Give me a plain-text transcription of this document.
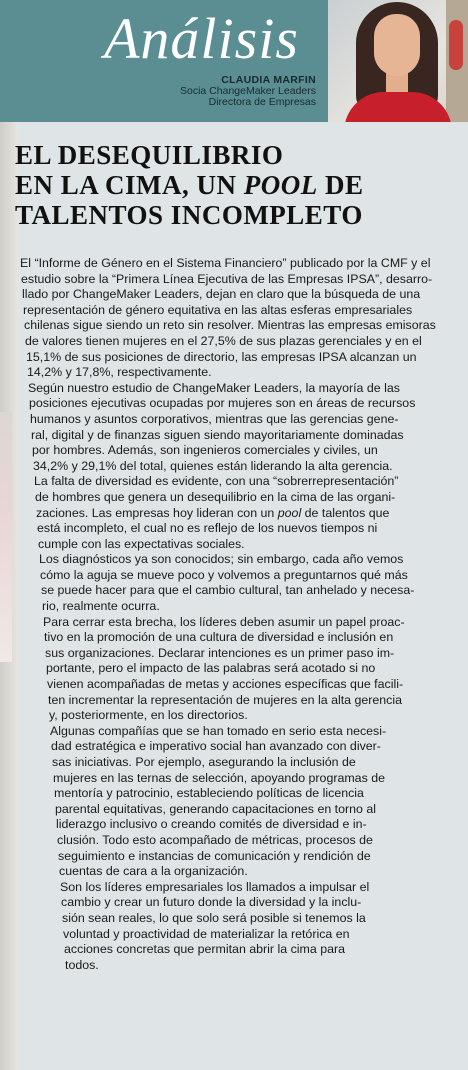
Análisis
CLAUDIA MARFIN
Socia ChangeMaker Leaders
Directora de Empresas
EL DESEQUILIBRIO
EN LA CIMA, UN POOL DE
TALENTOS INCOMPLETO
El “Informe de Género en el Sistema Financiero” publicado por la CMF y el
estudio sobre la “Primera Línea Ejecutiva de las Empresas IPSA”, desarro-
llado por ChangeMaker Leaders, dejan en claro que la búsqueda de una
representación de género equitativa en las altas esferas empresariales
chilenas sigue siendo un reto sin resolver. Mientras las empresas emisoras
de valores tienen mujeres en el 27,5% de sus plazas gerenciales y en el
15,1% de sus posiciones de directorio, las empresas IPSA alcanzan un
14,2% y 17,8%, respectivamente.
Según nuestro estudio de ChangeMaker Leaders, la mayoría de las
posiciones ejecutivas ocupadas por mujeres son en áreas de recursos
humanos y asuntos corporativos, mientras que las gerencias gene-
ral, digital y de finanzas siguen siendo mayoritariamente dominadas
por hombres. Además, son ingenieros comerciales y civiles, un
34,2% y 29,1% del total, quienes están liderando la alta gerencia.
La falta de diversidad es evidente, con una “sobrerrepresentación”
de hombres que genera un desequilibrio en la cima de las organi-
zaciones. Las empresas hoy lideran con un pool de talentos que
está incompleto, el cual no es reflejo de los nuevos tiempos ni
cumple con las expectativas sociales.
Los diagnósticos ya son conocidos; sin embargo, cada año vemos
cómo la aguja se mueve poco y volvemos a preguntarnos qué más
se puede hacer para que el cambio cultural, tan anhelado y necesa-
rio, realmente ocurra.
Para cerrar esta brecha, los líderes deben asumir un papel proac-
tivo en la promoción de una cultura de diversidad e inclusión en
sus organizaciones. Declarar intenciones es un primer paso im-
portante, pero el impacto de las palabras será acotado si no
vienen acompañadas de metas y acciones específicas que facili-
ten incrementar la representación de mujeres en la alta gerencia
y, posteriormente, en los directorios.
Algunas compañías que se han tomado en serio esta necesi-
dad estratégica e imperativo social han avanzado con diver-
sas iniciativas. Por ejemplo, asegurando la inclusión de
mujeres en las ternas de selección, apoyando programas de
mentoría y patrocinio, estableciendo políticas de licencia
parental equitativas, generando capacitaciones en torno al
liderazgo inclusivo o creando comités de diversidad e in-
clusión. Todo esto acompañado de métricas, procesos de
seguimiento e instancias de comunicación y rendición de
cuentas de cara a la organización.
Son los líderes empresariales los llamados a impulsar el
cambio y crear un futuro donde la diversidad y la inclu-
sión sean reales, lo que solo será posible si tenemos la
voluntad y proactividad de materializar la retórica en
acciones concretas que permitan abrir la cima para
todos.
